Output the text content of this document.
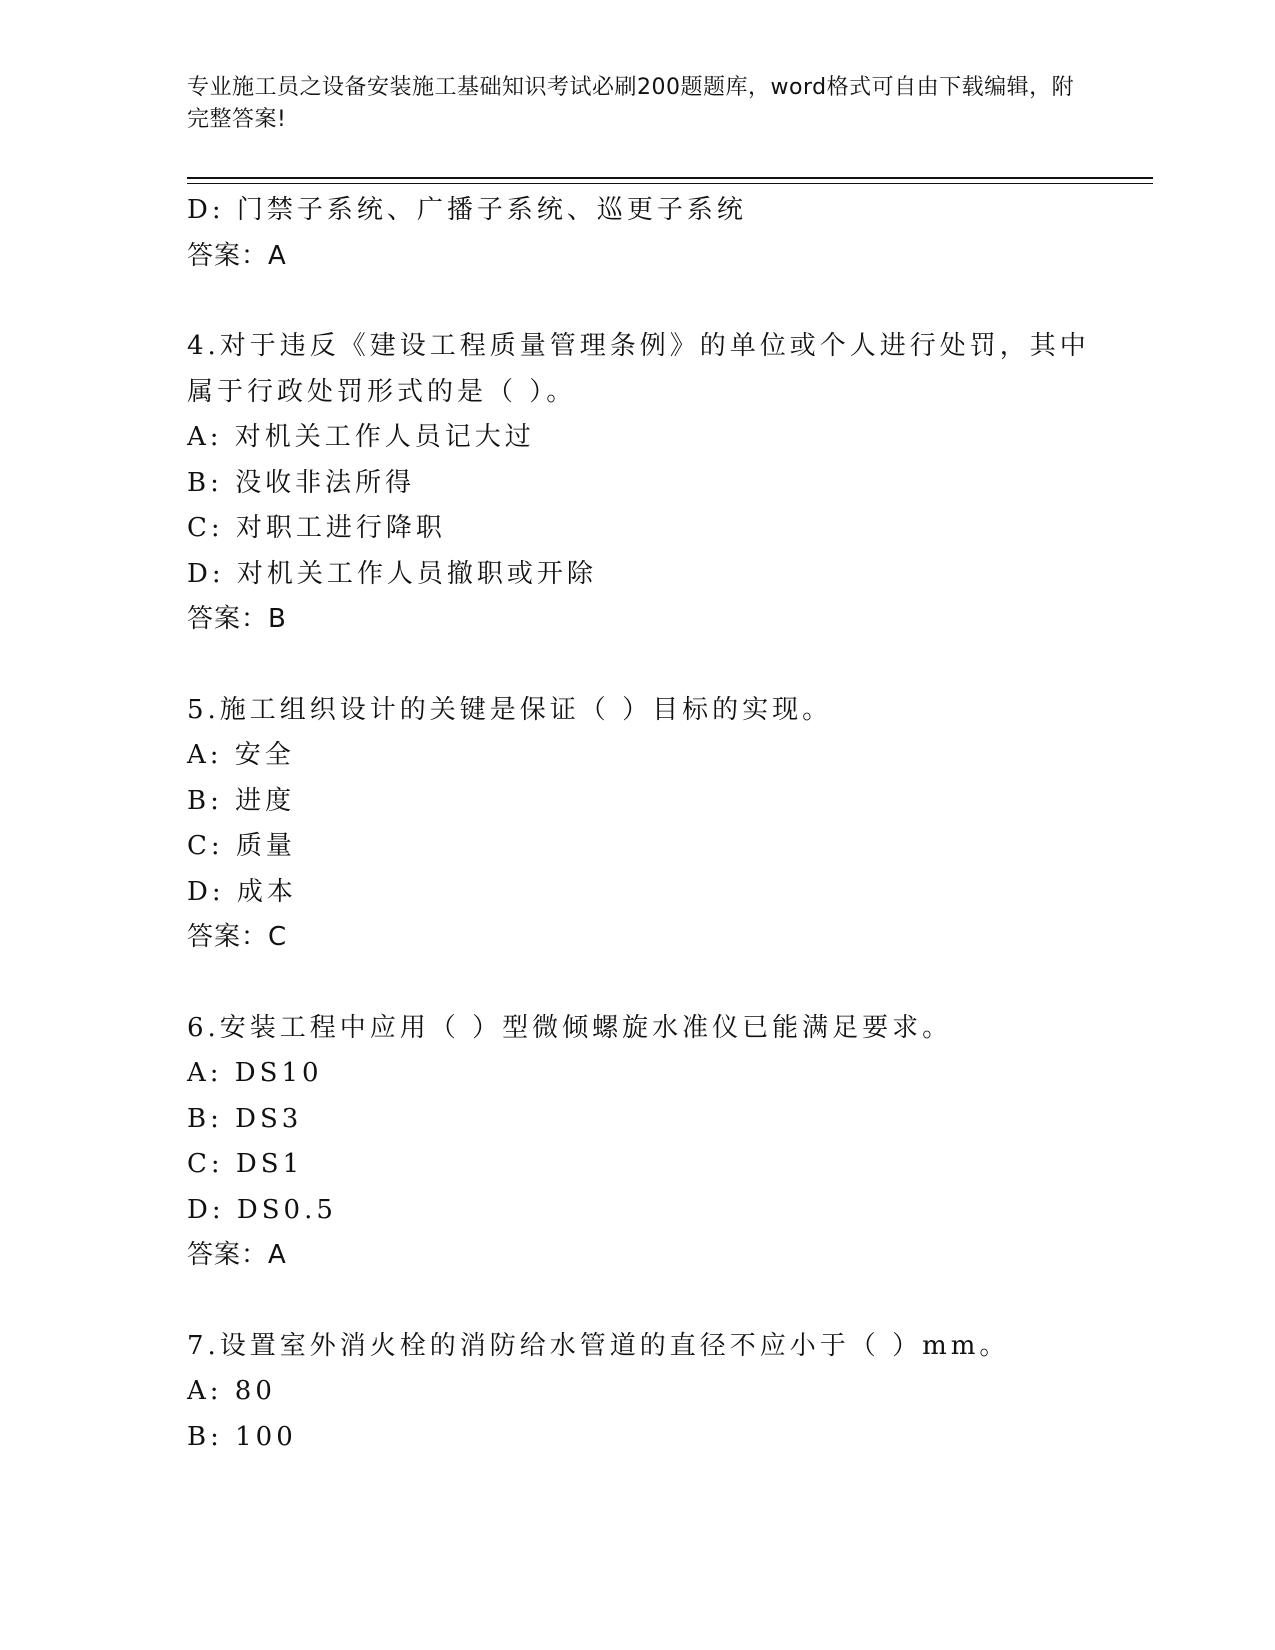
专业施工员之设备安装施工基础知识考试必刷200题题库，word格式可自由下载编辑，附完整答案!
D: 门禁子系统、广播子系统、巡更子系统
答案：A
4.对于违反《建设工程质量管理条例》的单位或个人进行处罚，其中属于行政处罚形式的是（ ）。
A: 对机关工作人员记大过
B: 没收非法所得
C: 对职工进行降职
D: 对机关工作人员撤职或开除
答案：B
5.施工组织设计的关键是保证（ ）目标的实现。
A: 安全
B: 进度
C: 质量
D: 成本
答案：C
6.安装工程中应用（ ）型微倾螺旋水准仪已能满足要求。
A: DS10
B: DS3
C: DS1
D: DS0.5
答案：A
7.设置室外消火栓的消防给水管道的直径不应小于（ ）mm。
A: 80
B: 100
